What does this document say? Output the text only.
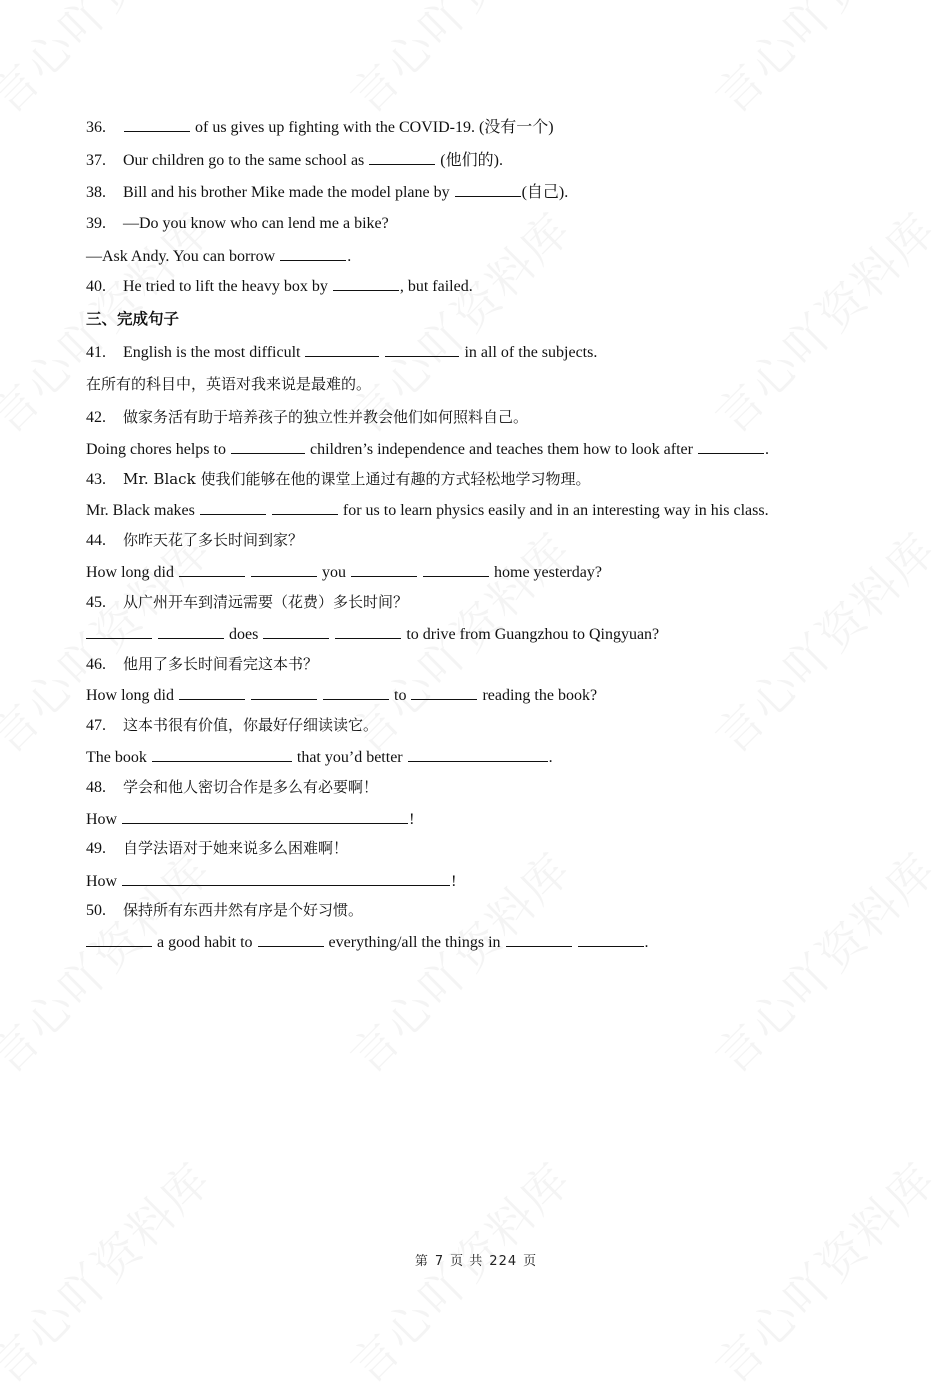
36.	of us gives up fighting with the COVID-19. (没有一个)
37. Our children go to the same school as	(他们的).
38. Bill and his brother Mike made the model plane by	(自己).
39. —Do you know who can lend me a bike?
—Ask Andy. You can borrow	.
40. He tried to lift the heavy box by	, but failed.
三、完成句子
41. English is the most difficult	in all of the subjects.
在所有的科目中，英语对我来说是最难的。
42. 做家务活有助于培养孩子的独立性并教会他们如何照料自己。
Doing chores helps to	children’s independence and teaches them how to look after	.
43. Mr. Black 使我们能够在他的课堂上通过有趣的方式轻松地学习物理。
Mr. Black makes	for us to learn physics easily and in an interesting way in his class.
44. 你昨天花了多长时间到家？
How long did	you	home yesterday?
45. 从广州开车到清远需要（花费）多长时间？
does	to drive from Guangzhou to Qingyuan?
46. 他用了多长时间看完这本书？
How long did	to	reading the book?
47. 这本书很有价值，你最好仔细读读它。
The book	that you’d better	.
48. 学会和他人密切合作是多么有必要啊！
How	!
49. 自学法语对于她来说多么困难啊！
How	!
50. 保持所有东西井然有序是个好习惯。
a good habit to	everything/all the things in	.
第 7 页 共 224 页
